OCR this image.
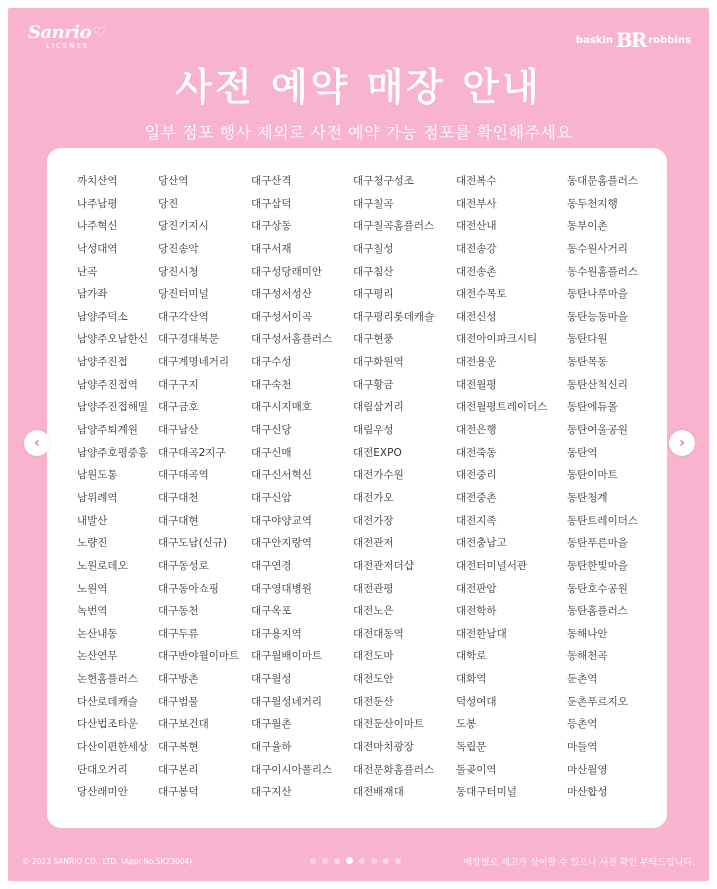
Sanrio ♡
LICENSE
baskin BR robbins
사전 예약 매장 안내
일부 점포 행사 제외로 사전 예약 가능 점포를 확인해주세요
까치산역
나주남평
나주혁신
낙성대역
난곡
남가좌
남양주덕소
남양주오남한신
남양주진접
남양주진접역
남양주진접해밀
남양주퇴계원
남양주호평중흥
남원도통
남위례역
내발산
노량진
노원로데오
노원역
녹번역
논산내동
논산연무
논현홈플러스
다산로데캐슬
다산법조타운
다산이편한세상
단대오거리
당산래미안
당산역
당진
당진기지시
당진송악
당진시청
당진터미널
대구각산역
대구경대북문
대구계명네거리
대구구지
대구금호
대구남산
대구대곡2지구
대구대곡역
대구대천
대구대현
대구도남(신규)
대구동성로
대구동아쇼핑
대구동천
대구두류
대구반야월이마트
대구방촌
대구범물
대구보건대
대구복현
대구본리
대구봉덕
대구산격
대구삼덕
대구상동
대구서재
대구성당래미안
대구성서성산
대구성서이곡
대구성서홈플러스
대구수성
대구숙천
대구시지매호
대구신당
대구신매
대구신서혁신
대구신암
대구야양교역
대구안지랑역
대구연경
대구영대병원
대구옥포
대구용지역
대구월배이마트
대구월성
대구월성네거리
대구월촌
대구율하
대구이시아폴리스
대구지산
대구청구성조
대구칠곡
대구칠곡홈플러스
대구칠성
대구침산
대구평리
대구평리롯데캐슬
대구현풍
대구화원역
대구황금
대림삼거리
대림우성
대전EXPO
대전가수원
대전가오
대전가장
대전관저
대전관저더샵
대전관평
대전노은
대전대동역
대전도마
대전도안
대전둔산
대전둔산이마트
대전마치광장
대전문화홈플러스
대전배재대
대전복수
대전부사
대전산내
대전송강
대전송촌
대전수목토
대전신성
대전아이파크시티
대전용운
대전월평
대전월평트레이더스
대전은행
대전죽동
대전중리
대전중촌
대전지족
대전충남고
대전터미널서관
대전판암
대전학하
대전한남대
대학로
대화역
덕성여대
도봉
독립문
돌곶이역
동대구터미널
동대문홈플러스
동두천지행
동부이촌
동수원사거리
동수원홈플러스
동탄나루마을
동탄능동마을
동탄다원
동탄목동
동탄산척신리
동탄에듀몰
동탄여울공원
동탄역
동탄이마트
동탄청계
동탄트레이더스
동탄푸른마을
동탄한빛마을
동탄호수공원
동탄홈플러스
동해나안
동해천곡
둔촌역
둔촌푸르지오
등촌역
마들역
마산월영
마산합성
‹	›
© 2023 SANRIO CO., LTD. (Appr.No.SK23004)	매장별로 재고가 상이할 수 있으니 사전 확인 부탁드립니다.
